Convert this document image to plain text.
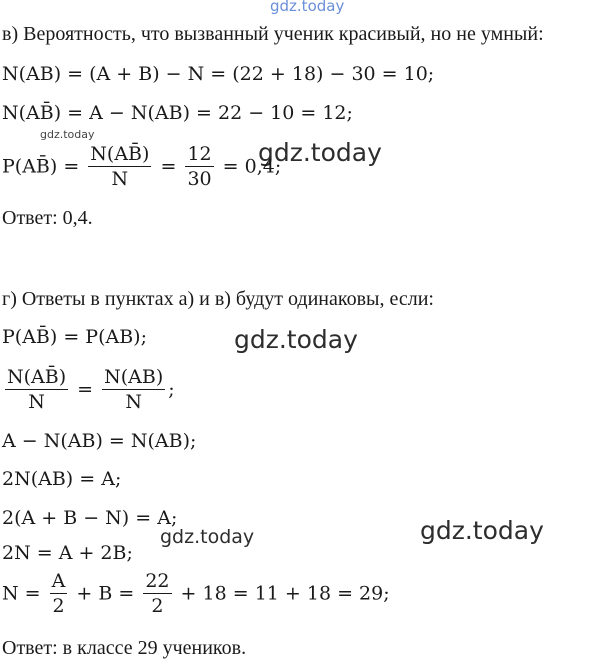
gdz.today
gdz.today
gdz.today
gdz.today
gdz.today
gdz.today
в) Вероятность, что вызванный ученик красивый, но не умный:
N(AB) = (A + B) − N = (22 + 18) − 30 = 10;
N(AB̄) = A − N(AB) = 22 − 10 = 12;
P(AB̄) = $\frac{N(AB̄)}{N} = \frac{12}{30} = 0,4$;
Ответ: 0,4.
г) Ответы в пунктах а) и в) будут одинаковы, если:
P(AB̄) = P(AB);
$\frac{N(AB̄)}{N} = \frac{N(AB)}{N}$ ;
A − N(AB) = N(AB);
2N(AB) = A;
2(A + B − N) = A;
2N = A + 2B;
$N = \frac{A}{2} + B = \frac{22}{2} + 18 = 11 + 18 = 29$;
Ответ: в классе 29 учеников.
